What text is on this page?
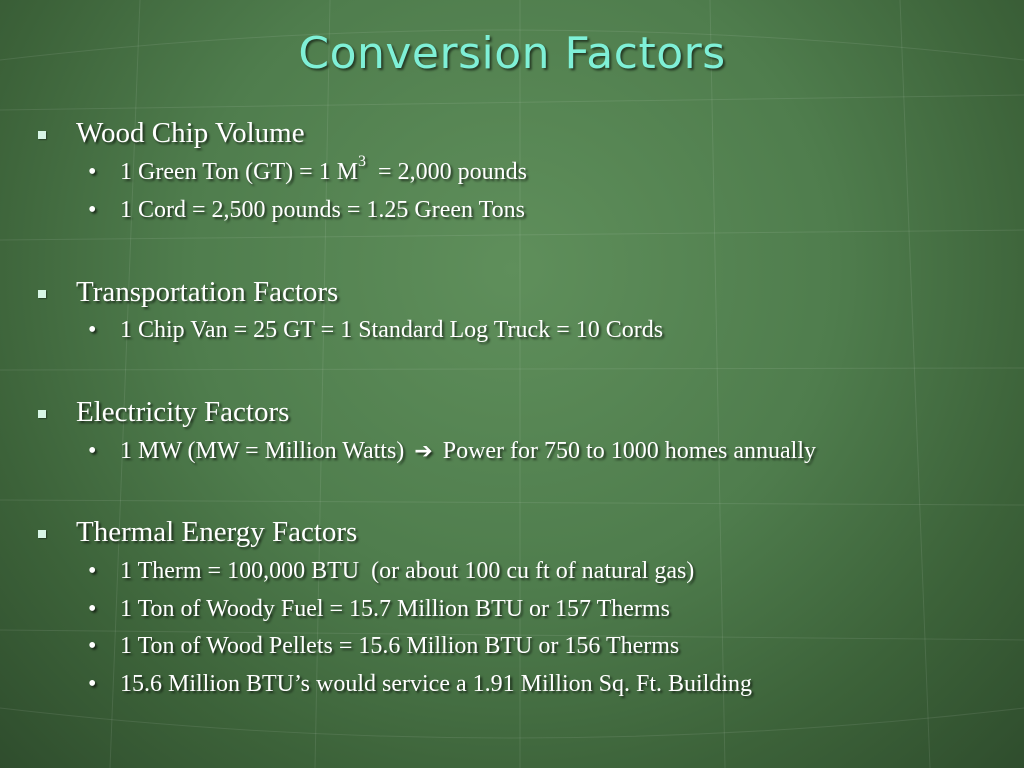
Conversion Factors
Wood Chip Volume
• 1 Green Ton (GT) = 1 $M^3 = 2,000$ pounds
• 1 Cord = 2,500 pounds = 1.25 Green Tons
Transportation Factors
• 1 Chip Van = 25 GT = 1 Standard Log Truck = 10 Cords
Electricity Factors
• 1 MW (MW = Million Watts) ➔ Power for 750 to 1000 homes annually
Thermal Energy Factors
• 1 Therm = 100,000 BTU  (or about 100 cu ft of natural gas)
• 1 Ton of Woody Fuel = 15.7 Million BTU or 157 Therms
• 1 Ton of Wood Pellets = 15.6 Million BTU or 156 Therms
• 15.6 Million BTU’s would service a 1.91 Million Sq. Ft. Building
